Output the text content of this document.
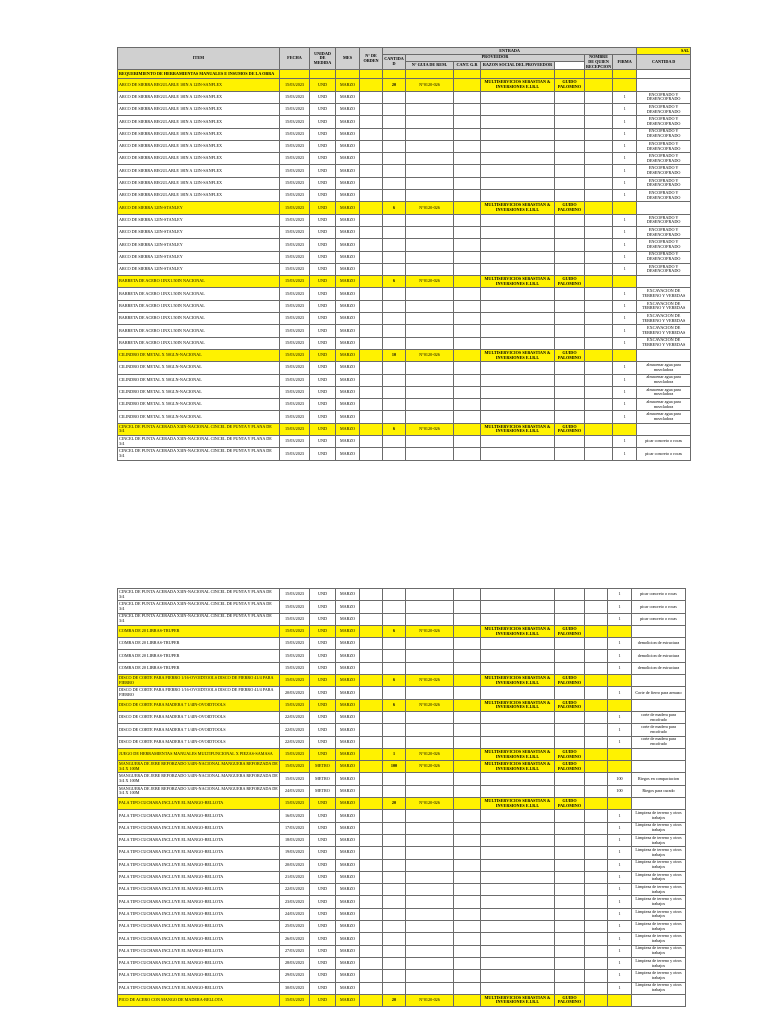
ITEM	FECHA	UNIDAD DE MEDIDA	MES	N° DE ORDEN	ENTRADA							SAL
					CANTIDA D	PROVEEDOR				NOMBRE DE QUIEN RECEPCION	FIRMA	CANTIDA D
						N° GUIA DE REM.	CANT. G.R	RAZON SOCIAL DEL PROVEEDOR			
REQUERIMIENTO DE HERRAMIENTAS MANUALES E INSUMOS DE LA OBRA												
ARCO DE SIERRA REGULABLE 10IN A 12IN-SANFLEX	15/03/2023	UND	MARZO		20	N°0120-026		MULTISERVICIOS SEBASTIAN & INVERSIONES E.I.R.L	GUIDO PALOMINO			
ARCO DE SIERRA REGULABLE 10IN A 12IN-SANFLEX	15/03/2023	UND	MARZO								1	ENCOFRADO Y DESENCOFRADO
ARCO DE SIERRA REGULABLE 10IN A 12IN-SANFLEX	15/03/2023	UND	MARZO								1	ENCOFRADO Y DESENCOFRADO
ARCO DE SIERRA REGULABLE 10IN A 12IN-SANFLEX	15/03/2023	UND	MARZO								1	ENCOFRADO Y DESENCOFRADO
ARCO DE SIERRA REGULABLE 10IN A 12IN-SANFLEX	15/03/2023	UND	MARZO								1	ENCOFRADO Y DESENCOFRADO
ARCO DE SIERRA REGULABLE 10IN A 12IN-SANFLEX	15/03/2023	UND	MARZO								1	ENCOFRADO Y DESENCOFRADO
ARCO DE SIERRA REGULABLE 10IN A 12IN-SANFLEX	15/03/2023	UND	MARZO								1	ENCOFRADO Y DESENCOFRADO
ARCO DE SIERRA REGULABLE 10IN A 12IN-SANFLEX	15/03/2023	UND	MARZO								1	ENCOFRADO Y DESENCOFRADO
ARCO DE SIERRA REGULABLE 10IN A 12IN-SANFLEX	15/03/2023	UND	MARZO								1	ENCOFRADO Y DESENCOFRADO
ARCO DE SIERRA REGULABLE 10IN A 12IN-SANFLEX	15/03/2023	UND	MARZO								1	ENCOFRADO Y DESENCOFRADO
ARCO DE SIERRA 12IN-STANLEY	15/03/2023	UND	MARZO		6	N°0120-026		MULTISERVICIOS SEBASTIAN & INVERSIONES E.I.R.L	GUIDO PALOMINO			
ARCO DE SIERRA 12IN-STANLEY	15/03/2023	UND	MARZO								1	ENCOFRADO Y DESENCOFRADO
ARCO DE SIERRA 12IN-STANLEY	15/03/2023	UND	MARZO								1	ENCOFRADO Y DESENCOFRADO
ARCO DE SIERRA 12IN-STANLEY	15/03/2023	UND	MARZO								1	ENCOFRADO Y DESENCOFRADO
ARCO DE SIERRA 12IN-STANLEY	15/03/2023	UND	MARZO								1	ENCOFRADO Y DESENCOFRADO
ARCO DE SIERRA 12IN-STANLEY	15/03/2023	UND	MARZO								1	ENCOFRADO Y DESENCOFRADO
BARRETA DE ACERO 1INX1.50IN NACIONAL	15/03/2023	UND	MARZO		6	N°0120-026		MULTISERVICIOS SEBASTIAN & INVERSIONES E.I.R.L	GUIDO PALOMINO			
BARRETA DE ACERO 1INX1.50IN NACIONAL	15/03/2023	UND	MARZO								1	EXCAVACION DE TERRENO Y VEREDAS
BARRETA DE ACERO 1INX1.50IN NACIONAL	15/03/2023	UND	MARZO								1	EXCAVACION DE TERRENO Y VEREDAS
BARRETA DE ACERO 1INX1.50IN NACIONAL	15/03/2023	UND	MARZO								1	EXCAVACION DE TERRENO Y VEREDAS
BARRETA DE ACERO 1INX1.50IN NACIONAL	15/03/2023	UND	MARZO								1	EXCAVACION DE TERRENO Y VEREDAS
BARRETA DE ACERO 1INX1.50IN NACIONAL	15/03/2023	UND	MARZO								1	EXCAVACION DE TERRENO Y VEREDAS
CILINDRO DE METAL X 50GLN-NACIONAL	15/03/2023	UND	MARZO		10	N°0120-026		MULTISERVICIOS SEBASTIAN & INVERSIONES E.I.R.L	GUIDO PALOMINO			
CILINDRO DE METAL X 50GLN-NACIONAL	15/03/2023	UND	MARZO								1	almacenar agua para mezcladora
CILINDRO DE METAL X 50GLN-NACIONAL	15/03/2023	UND	MARZO								1	almacenar agua para mezcladora
CILINDRO DE METAL X 50GLN-NACIONAL	15/03/2023	UND	MARZO								1	almacenar agua para mezcladora
CILINDRO DE METAL X 50GLN-NACIONAL	15/03/2023	UND	MARZO								1	almacenar agua para mezcladora
CILINDRO DE METAL X 50GLN-NACIONAL	15/03/2023	UND	MARZO								1	almacenar agua para mezcladora
CINCEL DE PUNTA ACERADA X3IN-NACIONAL CINCEL DE PUNTA Y PLANA DE 3/4	15/03/2023	UND	MARZO		6	N°0120-026		MULTISERVICIOS SEBASTIAN & INVERSIONES E.I.R.L	GUIDO PALOMINO			
CINCEL DE PUNTA ACERADA X3IN-NACIONAL CINCEL DE PUNTA Y PLANA DE 3/4	15/03/2023	UND	MARZO								1	picar concreto o rocas
CINCEL DE PUNTA ACERADA X3IN-NACIONAL CINCEL DE PUNTA Y PLANA DE 3/4	15/03/2023	UND	MARZO								1	picar concreto o rocas
CINCEL DE PUNTA ACERADA X3IN-NACIONAL CINCEL DE PUNTA Y PLANA DE 3/4	15/03/2023	UND	MARZO								1	picar concreto o rocas
CINCEL DE PUNTA ACERADA X3IN-NACIONAL CINCEL DE PUNTA Y PLANA DE 3/4	15/03/2023	UND	MARZO								1	picar concreto o rocas
CINCEL DE PUNTA ACERADA X3IN-NACIONAL CINCEL DE PUNTA Y PLANA DE 3/4	15/03/2023	UND	MARZO								1	picar concreto o rocas
COMBA DE 20 LIBRAS-TRUPER	15/03/2023	UND	MARZO		6	N°0120-026		MULTISERVICIOS SEBASTIAN & INVERSIONES E.I.R.L	GUIDO PALOMINO			
COMBA DE 20 LIBRAS-TRUPER	15/03/2023	UND	MARZO								1	demolicion de estructura
COMBA DE 20 LIBRAS-TRUPER	15/03/2023	UND	MARZO								1	demolicion de estructura
COMBA DE 20 LIBRAS-TRUPER	15/03/2023	UND	MARZO								1	demolicion de estructura
DISCO DE CORTE PARA FIERRO 1/16-OVOIDTOOLS DISCO DE FIERRO 41/4 PARA FIERRO	15/03/2023	UND	MARZO		6	N°0120-026		MULTISERVICIOS SEBASTIAN & INVERSIONES E.I.R.L	GUIDO PALOMINO			
DISCO DE CORTE PARA FIERRO 1/16-OVOIDTOOLS DISCO DE FIERRO 41/4 PARA FIERRO	20/03/2023	UND	MARZO								1	Corte de fierro para armazo
DISCO DE CORTE PARA MADERA 7 1/4IN-OVOIDTOOLS	15/03/2023	UND	MARZO		6	N°0120-026		MULTISERVICIOS SEBASTIAN & INVERSIONES E.I.R.L	GUIDO PALOMINO			
DISCO DE CORTE PARA MADERA 7 1/4IN-OVOIDTOOLS	22/03/2023	UND	MARZO								1	corte de madera para encofrado
DISCO DE CORTE PARA MADERA 7 1/4IN-OVOIDTOOLS	22/03/2023	UND	MARZO								1	corte de madera para encofrado
DISCO DE CORTE PARA MADERA 7 1/4IN-OVOIDTOOLS	22/03/2023	UND	MARZO								1	corte de madera para encofrado
JUEGO DE HERRAMIENTAS MANUALES MULTIFUNCIONAL X PIEZAS-SAMASA	15/03/2023	UND	MARZO		1	N°0120-026		MULTISERVICIOS SEBASTIAN & INVERSIONES E.I.R.L	GUIDO PALOMINO			
MANGUERA DE JEBE REFORZADO 3/4IN-NACIONAL MANGUERA REFORZADA DE 3/4 X 100M	15/03/2023	METRO	MARZO		100	N°0120-026		MULTISERVICIOS SEBASTIAN & INVERSIONES E.I.R.L	GUIDO PALOMINO			
MANGUERA DE JEBE REFORZADO 3/4IN-NACIONAL MANGUERA REFORZADA DE 3/4 X 100M	15/03/2023	METRO	MARZO								100	Riegos en compactacion
MANGUERA DE JEBE REFORZADO 3/4IN-NACIONAL MANGUERA REFORZADA DE 3/4 X 100M	24/03/2023	METRO	MARZO								100	Riegos para curado
PALA TIPO CUCHARA INCLUYE EL MANGO-BELLOTA	15/03/2023	UND	MARZO		20	N°0120-026		MULTISERVICIOS SEBASTIAN & INVERSIONES E.I.R.L	GUIDO PALOMINO			
PALA TIPO CUCHARA INCLUYE EL MANGO-BELLOTA	16/03/2023	UND	MARZO								1	Limpieza de terreno y otros trabajos
PALA TIPO CUCHARA INCLUYE EL MANGO-BELLOTA	17/03/2023	UND	MARZO								1	Limpieza de terreno y otros trabajos
PALA TIPO CUCHARA INCLUYE EL MANGO-BELLOTA	18/03/2023	UND	MARZO								1	Limpieza de terreno y otros trabajos
PALA TIPO CUCHARA INCLUYE EL MANGO-BELLOTA	19/03/2023	UND	MARZO								1	Limpieza de terreno y otros trabajos
PALA TIPO CUCHARA INCLUYE EL MANGO-BELLOTA	20/03/2023	UND	MARZO								1	Limpieza de terreno y otros trabajos
PALA TIPO CUCHARA INCLUYE EL MANGO-BELLOTA	21/03/2023	UND	MARZO								1	Limpieza de terreno y otros trabajos
PALA TIPO CUCHARA INCLUYE EL MANGO-BELLOTA	22/03/2023	UND	MARZO								1	Limpieza de terreno y otros trabajos
PALA TIPO CUCHARA INCLUYE EL MANGO-BELLOTA	23/03/2023	UND	MARZO								1	Limpieza de terreno y otros trabajos
PALA TIPO CUCHARA INCLUYE EL MANGO-BELLOTA	24/03/2023	UND	MARZO								1	Limpieza de terreno y otros trabajos
PALA TIPO CUCHARA INCLUYE EL MANGO-BELLOTA	25/03/2023	UND	MARZO								1	Limpieza de terreno y otros trabajos
PALA TIPO CUCHARA INCLUYE EL MANGO-BELLOTA	26/03/2023	UND	MARZO								1	Limpieza de terreno y otros trabajos
PALA TIPO CUCHARA INCLUYE EL MANGO-BELLOTA	27/03/2023	UND	MARZO								1	Limpieza de terreno y otros trabajos
PALA TIPO CUCHARA INCLUYE EL MANGO-BELLOTA	28/03/2023	UND	MARZO								1	Limpieza de terreno y otros trabajos
PALA TIPO CUCHARA INCLUYE EL MANGO-BELLOTA	29/03/2023	UND	MARZO								1	Limpieza de terreno y otros trabajos
PALA TIPO CUCHARA INCLUYE EL MANGO-BELLOTA	30/03/2023	UND	MARZO								1	Limpieza de terreno y otros trabajos
PICO DE ACERO CON MANGO DE MADERA-BELLOTA	15/03/2023	UND	MARZO		20	N°0120-026		MULTISERVICIOS SEBASTIAN & INVERSIONES E.I.R.L	GUIDO PALOMINO			
